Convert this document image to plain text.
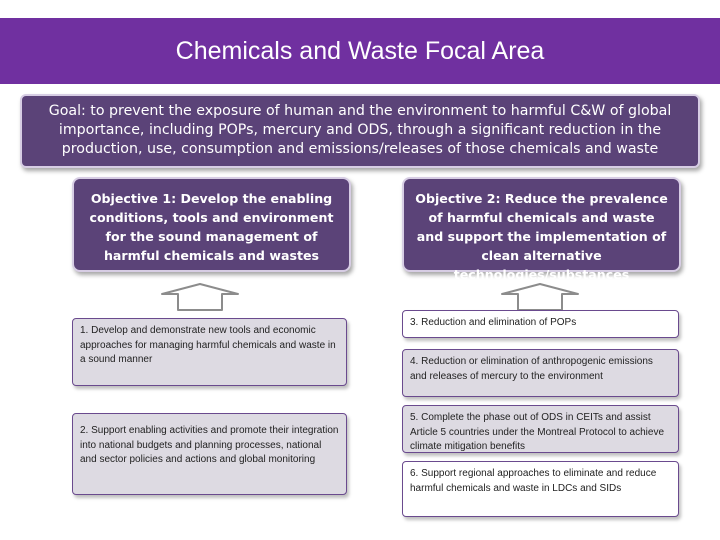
Chemicals and Waste Focal Area
Goal: to prevent the exposure of human and the environment to harmful C&W of global importance, including POPs, mercury and ODS, through a significant reduction in the production, use, consumption and emissions/releases of those chemicals and waste
Objective 1: Develop the enabling conditions, tools and environment for the sound management of harmful chemicals and wastes
Objective 2: Reduce the prevalence of harmful chemicals and waste and support the implementation of clean alternative technologies/substances
1. Develop and demonstrate new tools and economic approaches for managing harmful chemicals and waste in a sound manner
2. Support enabling activities and promote their integration into national budgets and planning processes, national and sector policies and actions and global monitoring
3. Reduction and elimination of POPs
4. Reduction or elimination of anthropogenic emissions and releases of mercury to the environment
5. Complete the phase out of ODS in CEITs and assist Article 5 countries under the Montreal Protocol to achieve climate mitigation benefits
6. Support regional approaches to eliminate and reduce harmful chemicals and waste in LDCs and SIDs
